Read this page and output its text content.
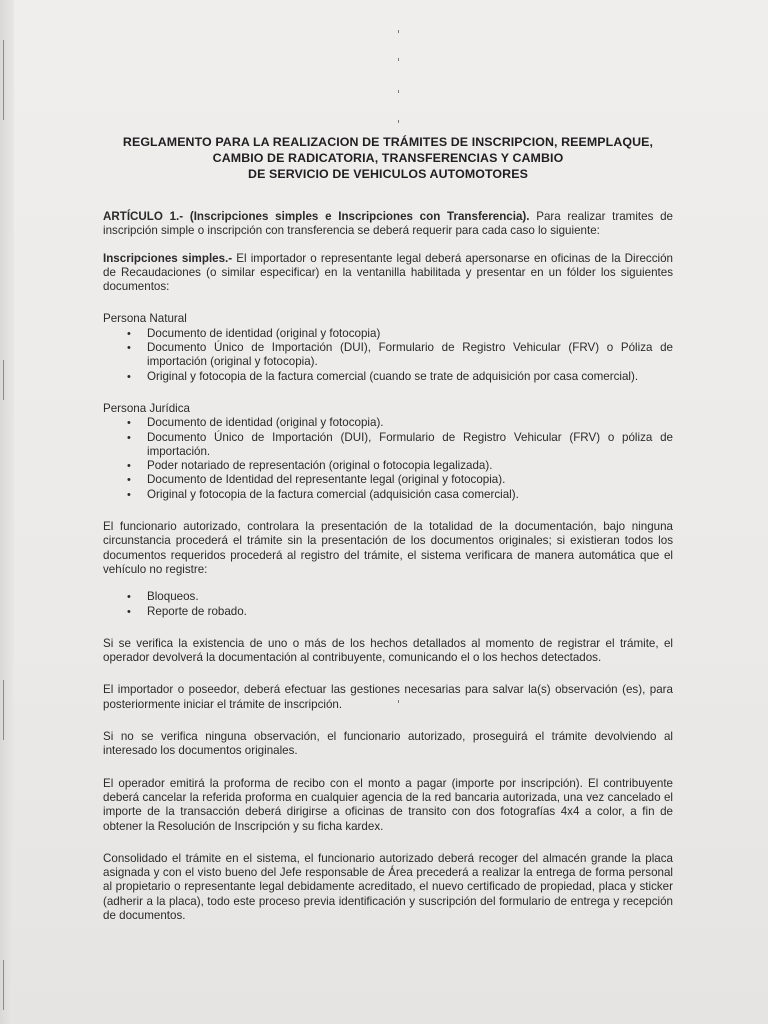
REGLAMENTO PARA LA REALIZACION DE TRÁMITES DE INSCRIPCION, REEMPLAQUE,
CAMBIO DE RADICATORIA, TRANSFERENCIAS Y CAMBIO
DE SERVICIO DE VEHICULOS AUTOMOTORES

ARTÍCULO 1.- (Inscripciones simples e Inscripciones con Transferencia). Para realizar tramites de inscripción simple o inscripción con transferencia se deberá requerir para cada caso lo siguiente:

Inscripciones simples.- El importador o representante legal deberá apersonarse en oficinas de la Dirección de Recaudaciones (o similar especificar) en la ventanilla habilitada y presentar en un fólder los siguientes documentos:

Persona Natural
• Documento de identidad (original y fotocopia)
• Documento Único de Importación (DUI), Formulario de Registro Vehicular (FRV) o Póliza de importación (original y fotocopia).
• Original y fotocopia de la factura comercial (cuando se trate de adquisición por casa comercial).
Persona Jurídica
• Documento de identidad (original y fotocopia).
• Documento Único de Importación (DUI), Formulario de Registro Vehicular (FRV) o póliza de importación.
• Poder notariado de representación (original o fotocopia legalizada).
• Documento de Identidad del representante legal (original y fotocopia).
• Original y fotocopia de la factura comercial (adquisición casa comercial).

El funcionario autorizado, controlara la presentación de la totalidad de la documentación, bajo ninguna circunstancia procederá el trámite sin la presentación de los documentos originales; si existieran todos los documentos requeridos procederá al registro del trámite, el sistema verificara de manera automática que el vehículo no registre:

• Bloqueos.
• Reporte de robado.

Si se verifica la existencia de uno o más de los hechos detallados al momento de registrar el trámite, el operador devolverá la documentación al contribuyente, comunicando el o los hechos detectados.

El importador o poseedor, deberá efectuar las gestiones necesarias para salvar la(s) observación (es), para posteriormente iniciar el trámite de inscripción.

Si no se verifica ninguna observación, el funcionario autorizado, proseguirá el trámite devolviendo al interesado los documentos originales.

El operador emitirá la proforma de recibo con el monto a pagar (importe por inscripción). El contribuyente deberá cancelar la referida proforma en cualquier agencia de la red bancaria autorizada, una vez cancelado el importe de la transacción deberá dirigirse a oficinas de transito con dos fotografías 4x4 a color, a fin de obtener la Resolución de Inscripción y su ficha kardex.

Consolidado el trámite en el sistema, el funcionario autorizado deberá recoger del almacén grande la placa asignada y con el visto bueno del Jefe responsable de Área precederá a realizar la entrega de forma personal al propietario o representante legal debidamente acreditado, el nuevo certificado de propiedad, placa y sticker (adherir a la placa), todo este proceso previa identificación y suscripción del formulario de entrega y recepción de documentos.
